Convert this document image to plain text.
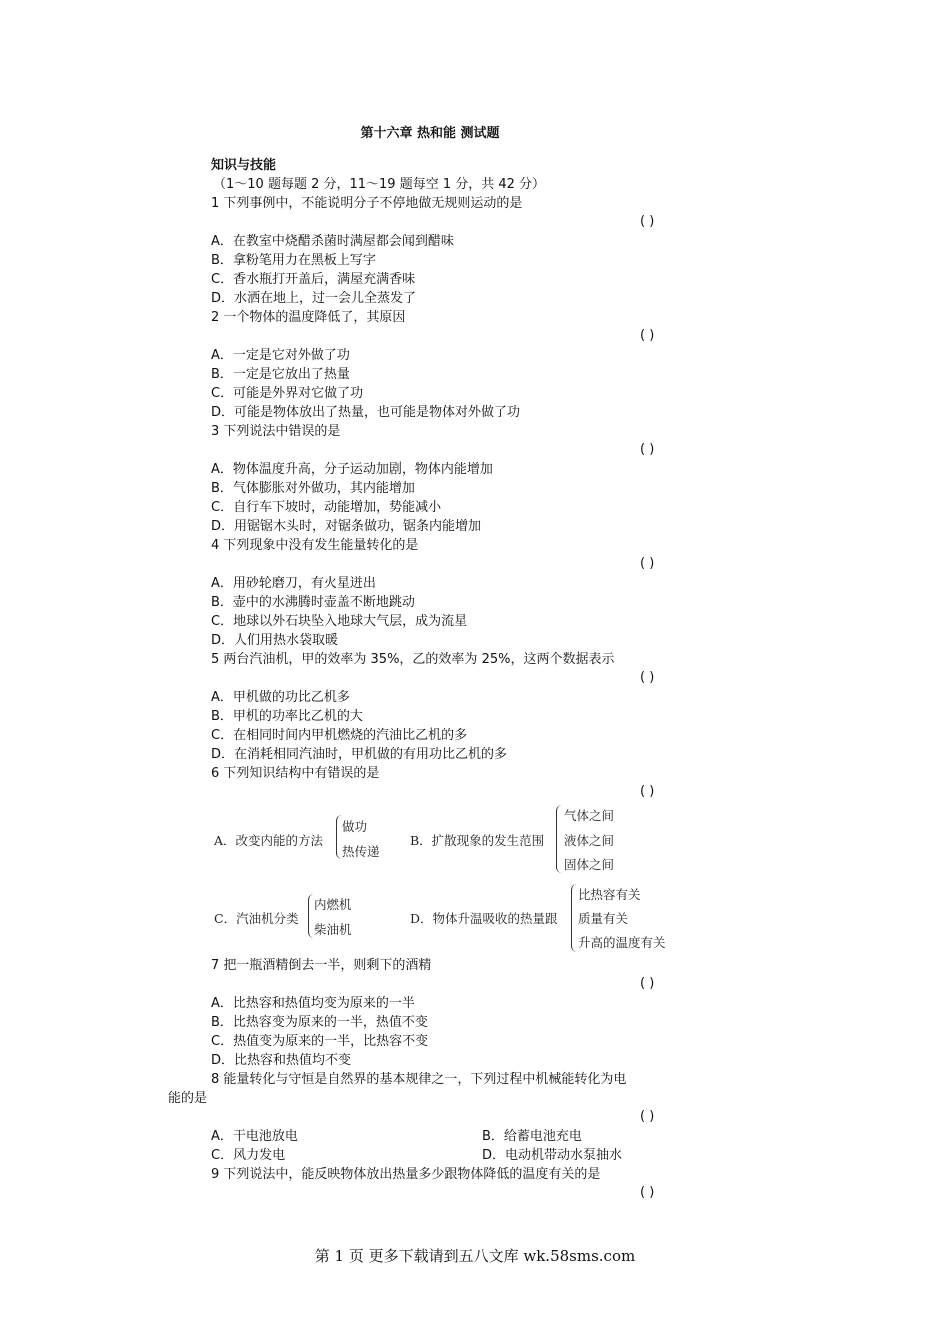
第十六章 热和能 测试题
知识与技能
（1～10 题每题 2 分，11～19 题每空 1 分，共 42 分）
1 下列事例中，不能说明分子不停地做无规则运动的是
( )
A．在教室中烧醋杀菌时满屋都会闻到醋味
B．拿粉笔用力在黑板上写字
C．香水瓶打开盖后，满屋充满香味
D．水洒在地上，过一会儿全蒸发了
2 一个物体的温度降低了，其原因
( )
A．一定是它对外做了功
B．一定是它放出了热量
C．可能是外界对它做了功
D．可能是物体放出了热量，也可能是物体对外做了功
3 下列说法中错误的是
( )
A．物体温度升高，分子运动加剧，物体内能增加
B．气体膨胀对外做功，其内能增加
C．自行车下坡时，动能增加，势能减小
D．用锯锯木头时，对锯条做功，锯条内能增加
4 下列现象中没有发生能量转化的是
( )
A．用砂轮磨刀，有火星迸出
B．壶中的水沸腾时壶盖不断地跳动
C．地球以外石块坠入地球大气层，成为流星
D．人们用热水袋取暖
5 两台汽油机，甲的效率为 35%，乙的效率为 25%，这两个数据表示
( )
A．甲机做的功比乙机多
B．甲机的功率比乙机的大
C．在相同时间内甲机燃烧的汽油比乙机的多
D．在消耗相同汽油时，甲机做的有用功比乙机的多
6 下列知识结构中有错误的是
( )
A．改变内能的方法
做功
热传递
B．扩散现象的发生范围
气体之间
液体之间
固体之间
C．汽油机分类
内燃机
柴油机
D．物体升温吸收的热量跟
比热容有关
质量有关
升高的温度有关
7 把一瓶酒精倒去一半，则剩下的酒精
( )
A．比热容和热值均变为原来的一半
B．比热容变为原来的一半，热值不变
C．热值变为原来的一半，比热容不变
D．比热容和热值均不变
8 能量转化与守恒是自然界的基本规律之一，下列过程中机械能转化为电
能的是
( )
A．干电池放电	B．给蓄电池充电
C．风力发电	D．电动机带动水泵抽水
9 下列说法中，能反映物体放出热量多少跟物体降低的温度有关的是
( )
第 1 页 更多下载请到五八文库 wk.58sms.com
